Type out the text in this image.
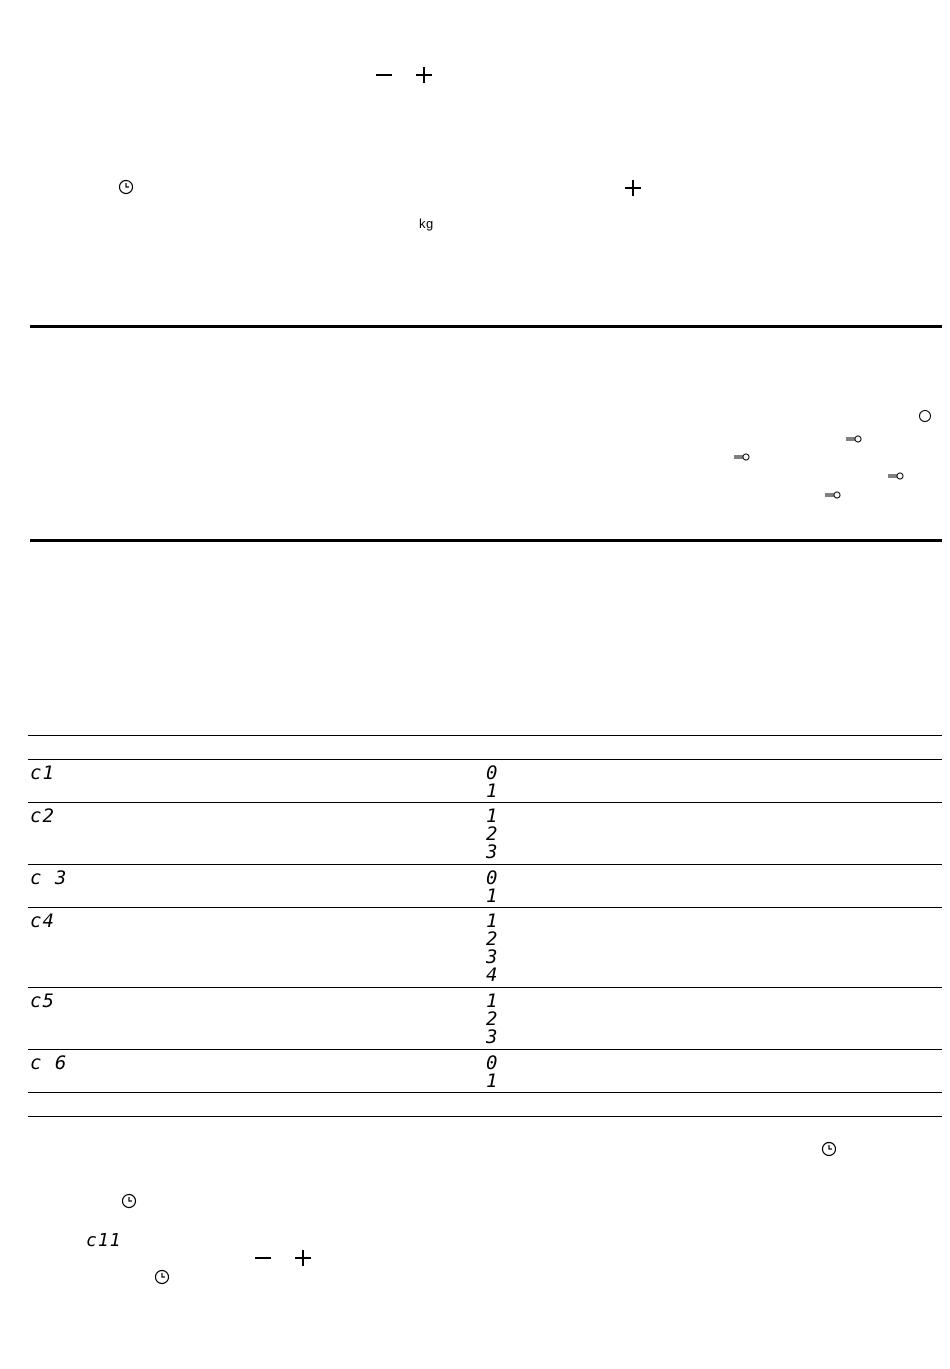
kg
c1	0
1
c2	1
2
3
c 3	0
1
c4	1
2
3
4
c5	1
2
3
c 6	0
1
c11
